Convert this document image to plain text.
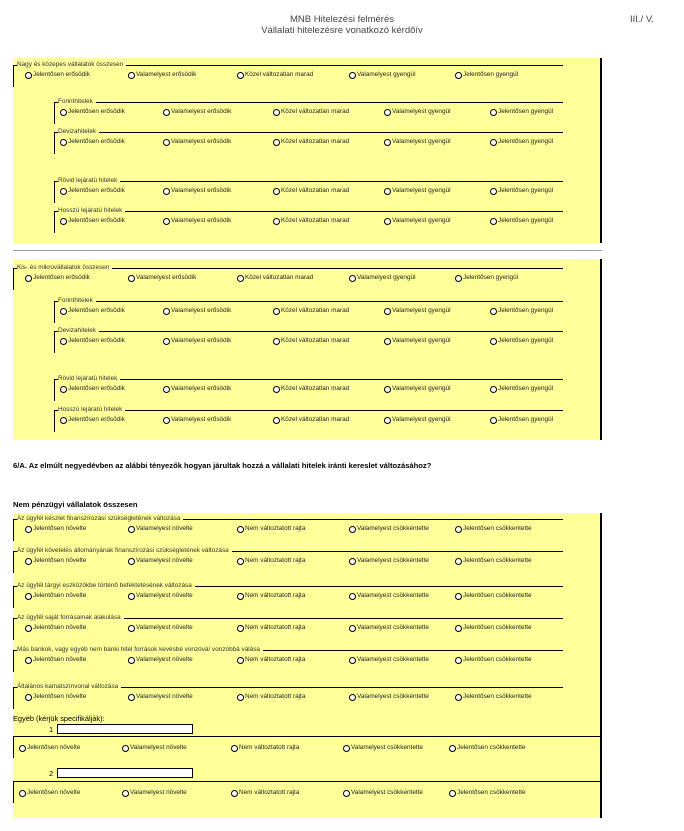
MNB Hitelezési felmérés
Vállalati hitelezésre vonatkozó kérdőív
III./ V.
Nagy és közepes vállalatok összesen
Jelentősen erősödik	Valamelyest erősödik	Közel változatlan marad	Valamelyest gyengül	Jelentősen gyengül
Forinthitelek
Jelentősen erősödik	Valamelyest erősödik	Közel változatlan marad	Valamelyest gyengül	Jelentősen gyengül
Devizahitelek
Jelentősen erősödik	Valamelyest erősödik	Közel változatlan marad	Valamelyest gyengül	Jelentősen gyengül
Rövid lejáratú hitelek
Jelentősen erősödik	Valamelyest erősödik	Közel változatlan marad	Valamelyest gyengül	Jelentősen gyengül
Hosszú lejáratú hitelek
Jelentősen erősödik	Valamelyest erősödik	Közel változatlan marad	Valamelyest gyengül	Jelentősen gyengül
Kis- és mikrovállalatok összesen
Jelentősen erősödik	Valamelyest erősödik	Közel változatlan marad	Valamelyest gyengül	Jelentősen gyengül
Forinthitelek
Jelentősen erősödik	Valamelyest erősödik	Közel változatlan marad	Valamelyest gyengül	Jelentősen gyengül
Devizahitelek
Jelentősen erősödik	Valamelyest erősödik	Közel változatlan marad	Valamelyest gyengül	Jelentősen gyengül
Rövid lejáratú hitelek
Jelentősen erősödik	Valamelyest erősödik	Közel változatlan marad	Valamelyest gyengül	Jelentősen gyengül
Hosszú lejáratú hitelek
Jelentősen erősödik	Valamelyest erősödik	Közel változatlan marad	Valamelyest gyengül	Jelentősen gyengül
6/A. Az elmúlt negyedévben az alábbi tényezők hogyan járultak hozzá a vállalati hitelek iránti kereslet változásához?
Nem pénzügyi vállalatok összesen
Az ügyfél készlet finanszírozási szükségletének változása
Jelentősen növelte	Valamelyest növelte	Nem változtatott rajta	Valamelyest csökkentette	Jelentősen csökkentette
Az ügyfél követelés állományának finanszírozási szükségletének változása
Jelentősen növelte	Valamelyest növelte	Nem változtatott rajta	Valamelyest csökkentette	Jelentősen csökkentette
Az ügyfél tárgyi eszközökbe történő befektetésének változása
Jelentősen növelte	Valamelyest növelte	Nem változtatott rajta	Valamelyest csökkentette	Jelentősen csökkentette
Az ügyfél saját forrásainak alakulása
Jelentősen növelte	Valamelyest növelte	Nem változtatott rajta	Valamelyest csökkentette	Jelentősen csökkentette
Más bankok, vagy egyéb nem banki hitel források kevésbé vonzóvá/ vonzóbbá válása
Jelentősen növelte	Valamelyest növelte	Nem változtatott rajta	Valamelyest csökkentette	Jelentősen csökkentette
Általános kamatszínvonal változása
Jelentősen növelte	Valamelyest növelte	Nem változtatott rajta	Valamelyest csökkentette	Jelentősen csökkentette
Egyéb (kérjük specifikálják):
1
Jelentősen növelte	Valamelyest növelte	Nem változtatott rajta	Valamelyest csökkentette	Jelentősen csökkentette
2
Jelentősen növelte	Valamelyest növelte	Nem változtatott rajta	Valamelyest csökkentette	Jelentősen csökkentette
